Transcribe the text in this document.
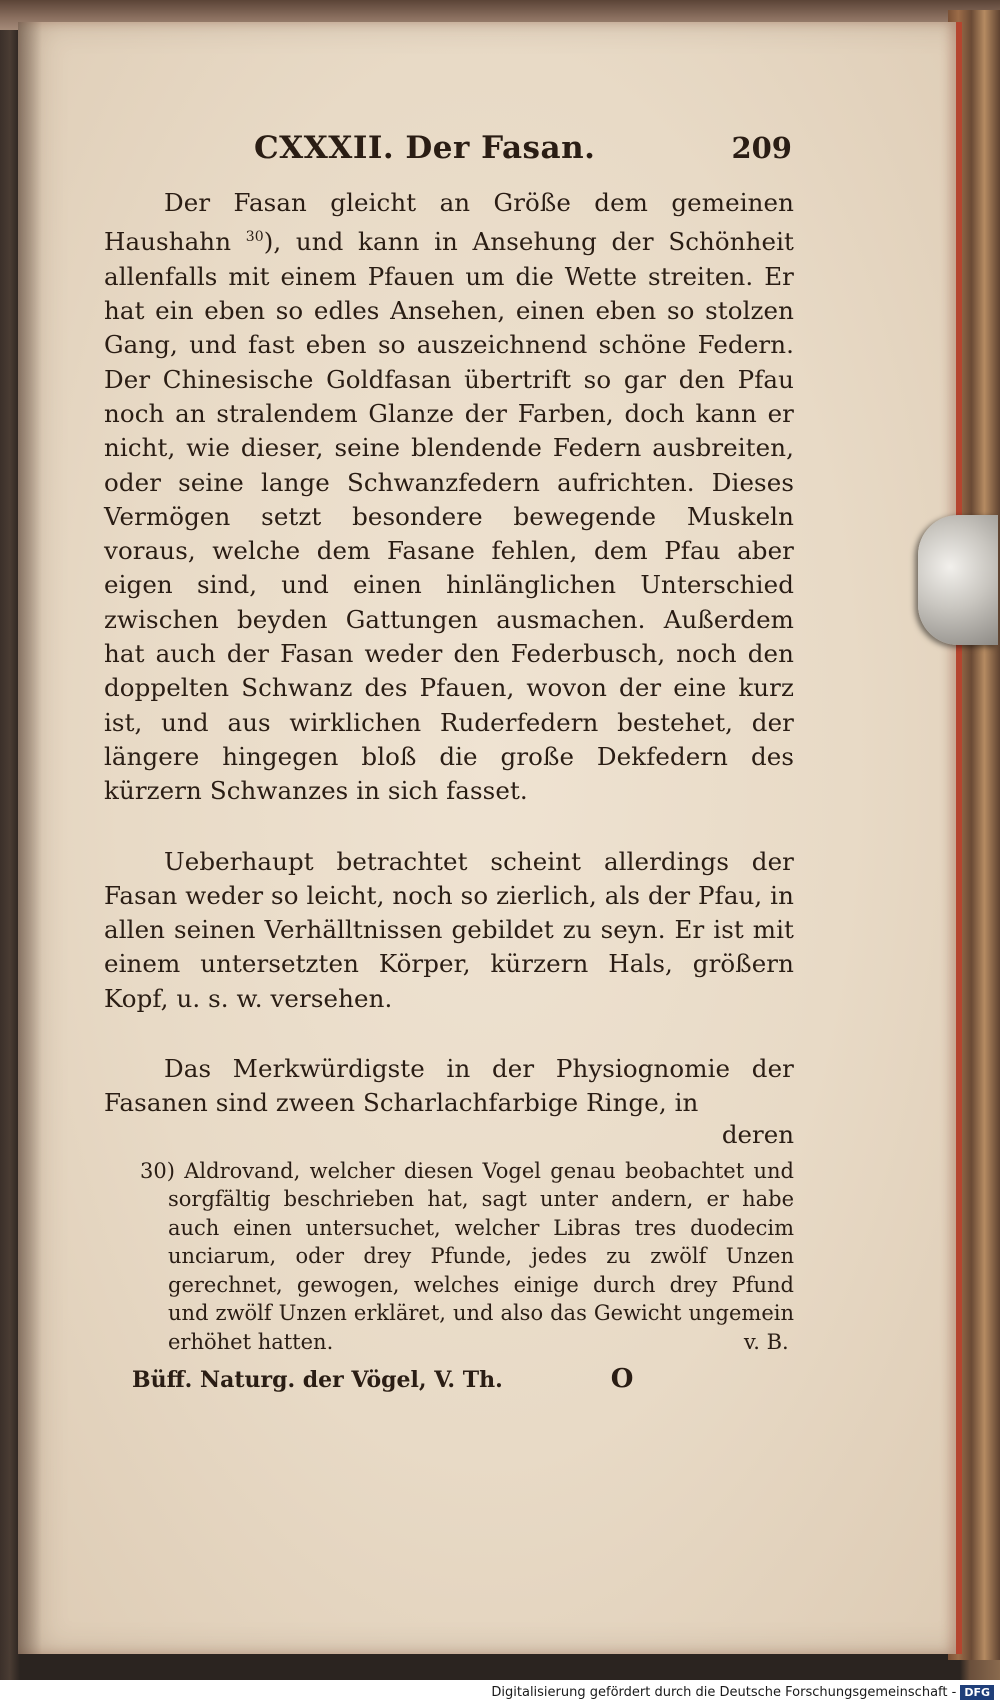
CXXXII. Der Fasan.	209

Der Fasan gleicht an Größe dem gemeinen Haushahn $^{30}$), und kann in Ansehung der Schönheit allenfalls mit einem Pfauen um die Wette streiten. Er hat ein eben so edles Ansehen, einen eben so stolzen Gang, und fast eben so auszeichnend schöne Federn. Der Chinesische Goldfasan übertrift so gar den Pfau noch an stralendem Glanze der Farben, doch kann er nicht, wie dieser, seine blendende Federn ausbreiten, oder seine lange Schwanzfedern aufrichten. Dieses Vermögen setzt besondere bewegende Muskeln voraus, welche dem Fasane fehlen, dem Pfau aber eigen sind, und einen hinlänglichen Unterschied zwischen beyden Gattungen ausmachen. Außerdem hat auch der Fasan weder den Federbusch, noch den doppelten Schwanz des Pfauen, wovon der eine kurz ist, und aus wirklichen Ruderfedern bestehet, der längere hingegen bloß die große Dekfedern des kürzern Schwanzes in sich fasset.

Ueberhaupt betrachtet scheint allerdings der Fasan weder so leicht, noch so zierlich, als der Pfau, in allen seinen Verhälltnissen gebildet zu seyn. Er ist mit einem untersetzten Körper, kürzern Hals, größern Kopf, u. s. w. versehen.

Das Merkwürdigste in der Physiognomie der Fasanen sind zween Scharlachfarbige Ringe, in

deren
30) Aldrovand, welcher diesen Vogel genau beobachtet und sorgfältig beschrieben hat, sagt unter andern, er habe auch einen untersuchet, welcher Libras tres duodecim unciarum, oder drey Pfunde, jedes zu zwölf Unzen gerechnet, gewogen, welches einige durch drey Pfund und zwölf Unzen erkläret, und also das Gewicht ungemein erhöhet hatten.	v. B.
Büff. Naturg. der Vögel, V. Th.	O
Digitalisierung gefördert durch die Deutsche Forschungsgemeinschaft - DFG
